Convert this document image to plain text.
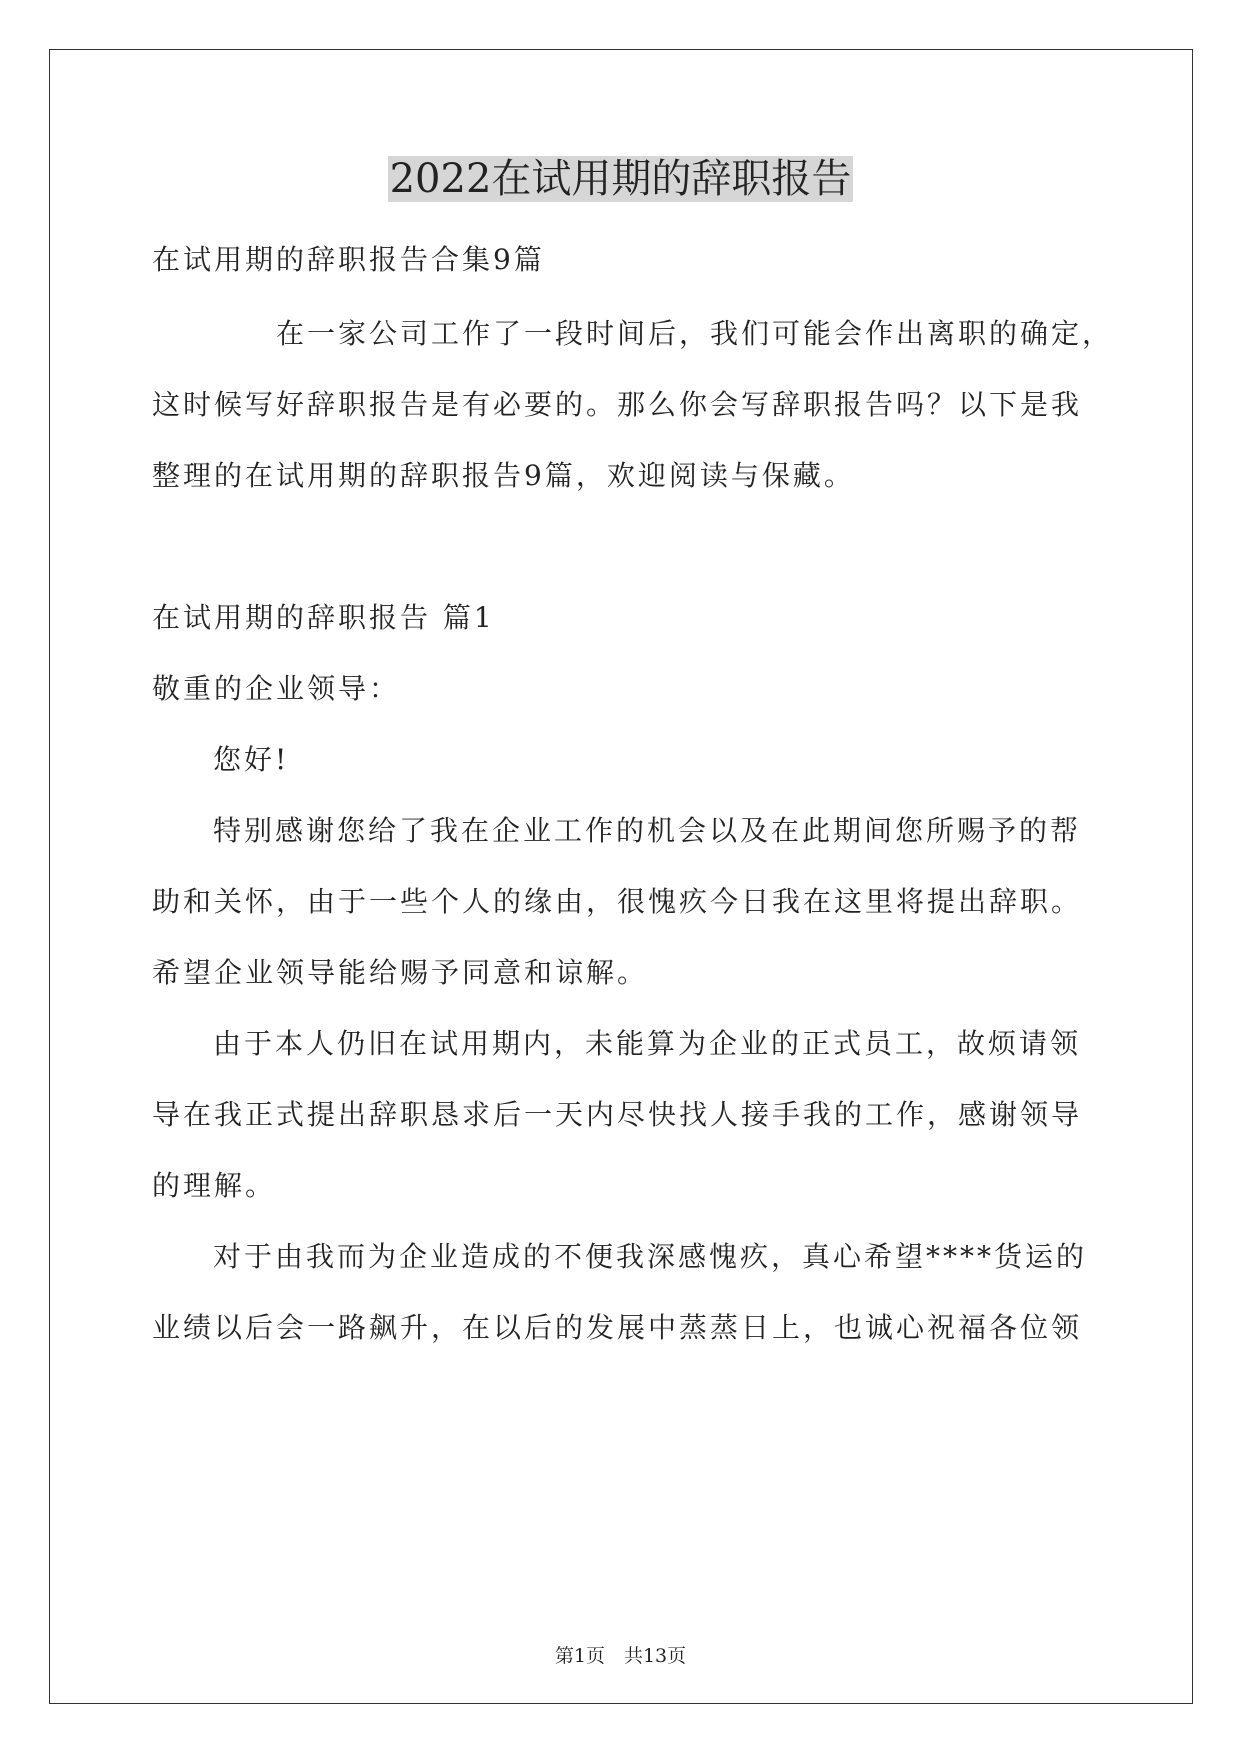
2022在试用期的辞职报告
在试用期的辞职报告合集9篇
在一家公司工作了一段时间后，我们可能会作出离职的确定，
这时候写好辞职报告是有必要的。那么你会写辞职报告吗？以下是我
整理的在试用期的辞职报告9篇，欢迎阅读与保藏。
在试用期的辞职报告 篇1
敬重的企业领导：
您好!
特别感谢您给了我在企业工作的机会以及在此期间您所赐予的帮
助和关怀，由于一些个人的缘由，很愧疚今日我在这里将提出辞职。
希望企业领导能给赐予同意和谅解。
由于本人仍旧在试用期内，未能算为企业的正式员工，故烦请领
导在我正式提出辞职恳求后一天内尽快找人接手我的工作，感谢领导
的理解。
对于由我而为企业造成的不便我深感愧疚，真心希望****货运的
业绩以后会一路飙升，在以后的发展中蒸蒸日上，也诚心祝福各位领
第1页　共13页
